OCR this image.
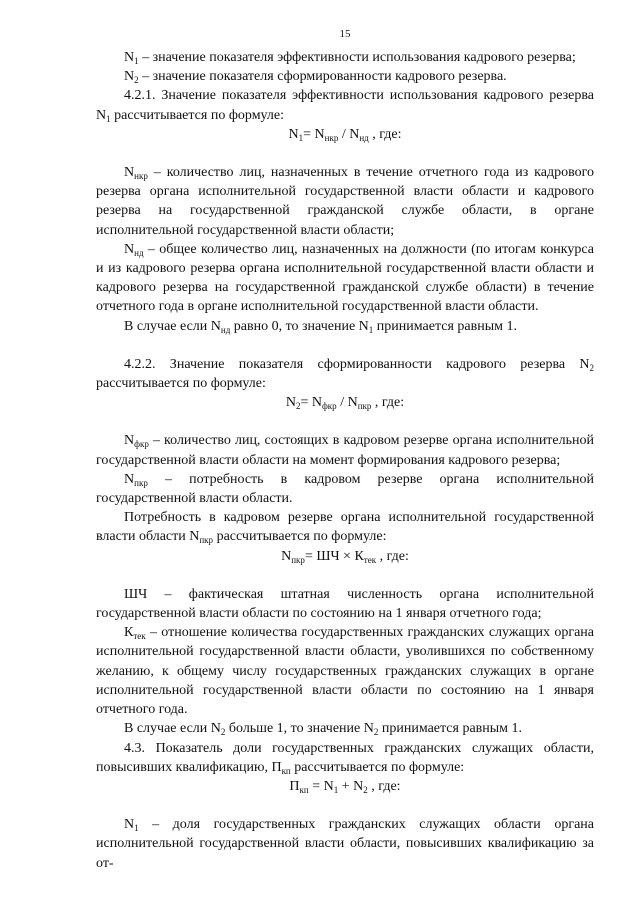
15

$N_1$ – значение показателя эффективности использования кадрового резерва;

$N_2$ – значение показателя сформированности кадрового резерва.

4.2.1. Значение показателя эффективности использования кадрового резерва $N_1$ рассчитывается по формуле:

$N_1= N_{нкр} / N_{нд}$ , где:

$N_{нкр}$ – количество лиц, назначенных в течение отчетного года из кадрового резерва органа исполнительной государственной власти области и кадрового резерва на государственной гражданской службе области, в органе исполнительной государственной власти области;

$N_{нд}$ – общее количество лиц, назначенных на должности (по итогам конкурса и из кадрового резерва органа исполнительной государственной власти области и кадрового резерва на государственной гражданской службе области) в течение отчетного года в органе исполнительной государственной власти области.

В случае если $N_{нд}$ равно 0, то значение $N_1$ принимается равным 1.

4.2.2. Значение показателя сформированности кадрового резерва $N_2$ рассчитывается по формуле:

$N_2= N_{фкр} / N_{пкр}$ , где:

$N_{фкр}$ – количество лиц, состоящих в кадровом резерве органа исполнительной государственной власти области на момент формирования кадрового резерва;

$N_{пкр}$ – потребность в кадровом резерве органа исполнительной государственной власти области.

Потребность в кадровом резерве органа исполнительной государственной власти области $N_{пкр}$ рассчитывается по формуле:

$N_{пкр}=$ ШЧ × $К_{тек}$ , где:

ШЧ – фактическая штатная численность органа исполнительной государственной власти области по состоянию на 1 января отчетного года;

$К_{тек}$ – отношение количества государственных гражданских служащих органа исполнительной государственной власти области, уволившихся по собственному желанию, к общему числу государственных гражданских служащих в органе исполнительной государственной власти области по состоянию на 1 января отчетного года.

В случае если $N_2$ больше 1, то значение $N_2$ принимается равным 1.

4.3. Показатель доли государственных гражданских служащих области, повысивших квалификацию, $П_{кп}$ рассчитывается по формуле:

$П_{кп} = N_1 + N_2$ , где:

$N_1$ – доля государственных гражданских служащих области органа исполнительной государственной власти области, повысивших квалификацию за от-
